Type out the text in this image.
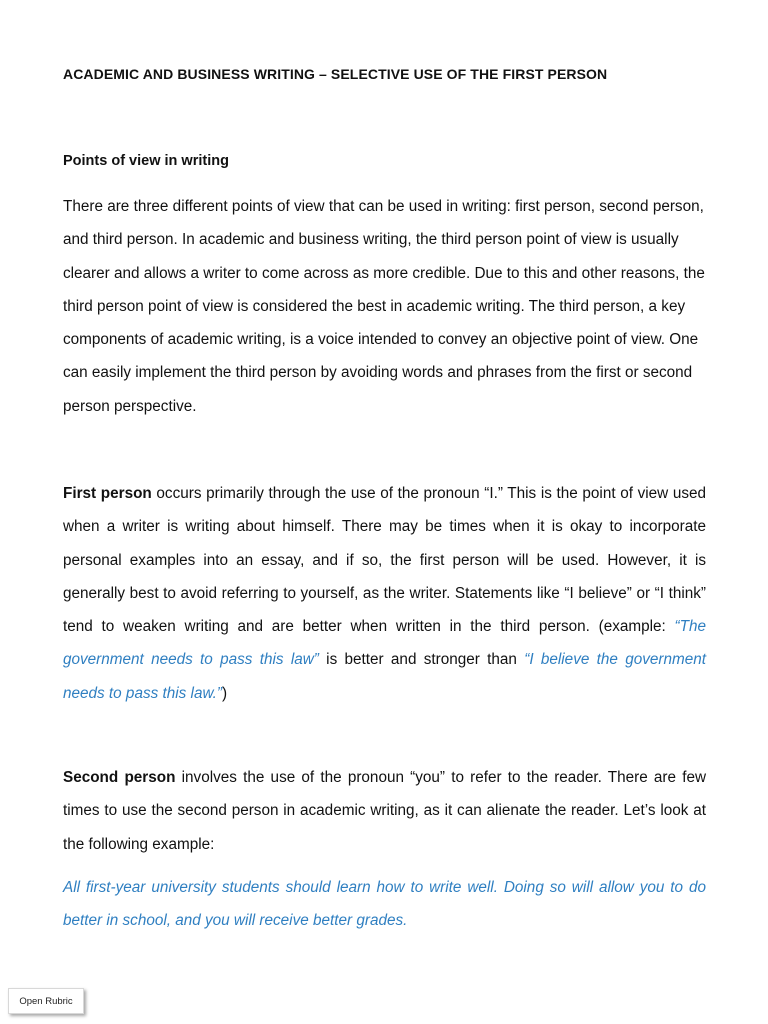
ACADEMIC AND BUSINESS WRITING – SELECTIVE USE OF THE FIRST PERSON
Points of view in writing

There are three different points of view that can be used in writing: first person, second person, and third person. In academic and business writing, the third person point of view is usually clearer and allows a writer to come across as more credible. Due to this and other reasons, the third person point of view is considered the best in academic writing. The third person, a key components of academic writing, is a voice intended to convey an objective point of view. One can easily implement the third person by avoiding words and phrases from the first or second person perspective.

First person occurs primarily through the use of the pronoun “I.” This is the point of view used when a writer is writing about himself. There may be times when it is okay to incorporate personal examples into an essay, and if so, the first person will be used. However, it is generally best to avoid referring to yourself, as the writer. Statements like “I believe” or “I think” tend to weaken writing and are better when written in the third person. (example: “The government needs to pass this law” is better and stronger than “I believe the government needs to pass this law.”)

Second person involves the use of the pronoun “you” to refer to the reader. There are few times to use the second person in academic writing, as it can alienate the reader. Let’s look at the following example:

All first-year university students should learn how to write well. Doing so will allow you to do better in school, and you will receive better grades.

Open Rubric
